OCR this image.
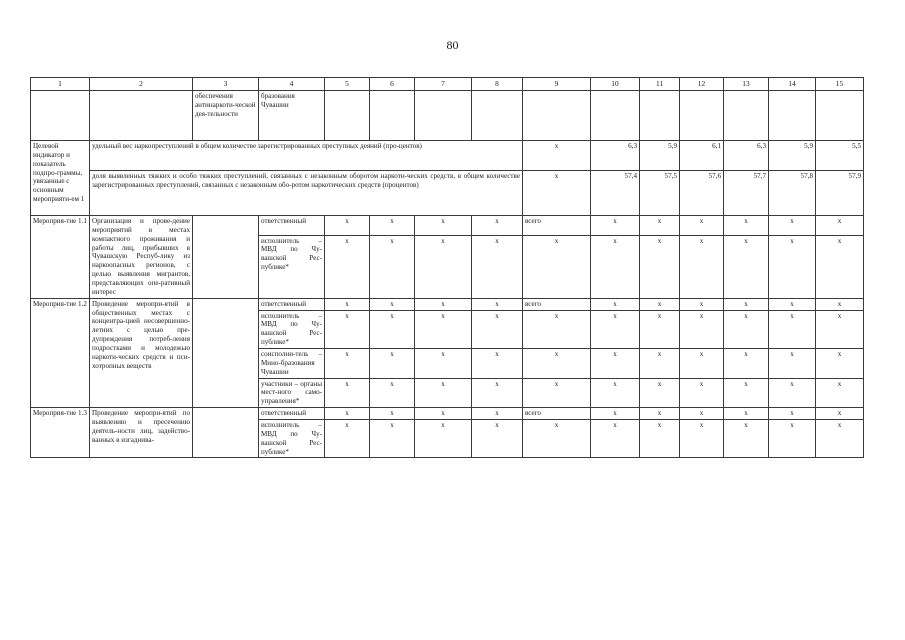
80
1	2	3	4	5	6	7	8	9	10	11	12	13	14	15
		обеспечения антинаркоти-ческой дея-тельности	бразования Чувашии											
Целевой индикатор и показатель подпро-граммы, увязанные с основным мероприяти-ем 1	удельный вес наркопреступлений в общем количестве зарегистрированных преступных деяний (про-центов)							x	6,3	5,9	6,1	6,3	5,9	5,5
	доля выявленных тяжких и особо тяжких преступлений, связанных с незаконным оборотом наркоти-ческих средств, в общем количестве зарегистрированных преступлений, связанных с незаконным обо-ротом наркотических средств (процентов)							x	57,4	57,5	57,6	57,7	57,8	57,9
Мероприя-тие 1.1	Организация и прове-дение мероприятий в местах компактного проживания и работы лиц, прибывших в Чувашскую Респуб-лику из наркоопасных регионов, с целью выявления мигрантов, представляющих опе-ративный интерес		ответственный	x	x	x	x	всего	x	x	x	x	x	x
			исполнитель – МВД по Чу-вашской Рес-публике*	x	x	x	x	x	x	x	x	x	x	x
Мероприя-тие 1.2	Проведение меропри-ятий в общественных местах с концентра-цией несовершенно-летних с целью пре-дупреждения потреб-ления подростками и молодежью наркоти-ческих средств и пси-хотропных веществ		ответственный	x	x	x	x	всего	x	x	x	x	x	x
			исполнитель – МВД по Чу-вашской Рес-публике*	x	x	x	x	x	x	x	x	x	x	x
			соисполни-тель – Мино-бразования Чувашии	x	x	x	x	x	x	x	x	x	x	x
			участники – органы мест-ного само-управления*	x	x	x	x	x	x	x	x	x	x	x
Мероприя-тие 1.3	Проведение меропри-ятий по выявлению и пресечению деятель-ности лиц, задейство-ванных в изгаднива-		ответственный	x	x	x	x	всего	x	x	x	x	x	x
			исполнитель – МВД по Чу-вашской Рес-публике*	x	x	x	x	x	x	x	x	x	x	x
